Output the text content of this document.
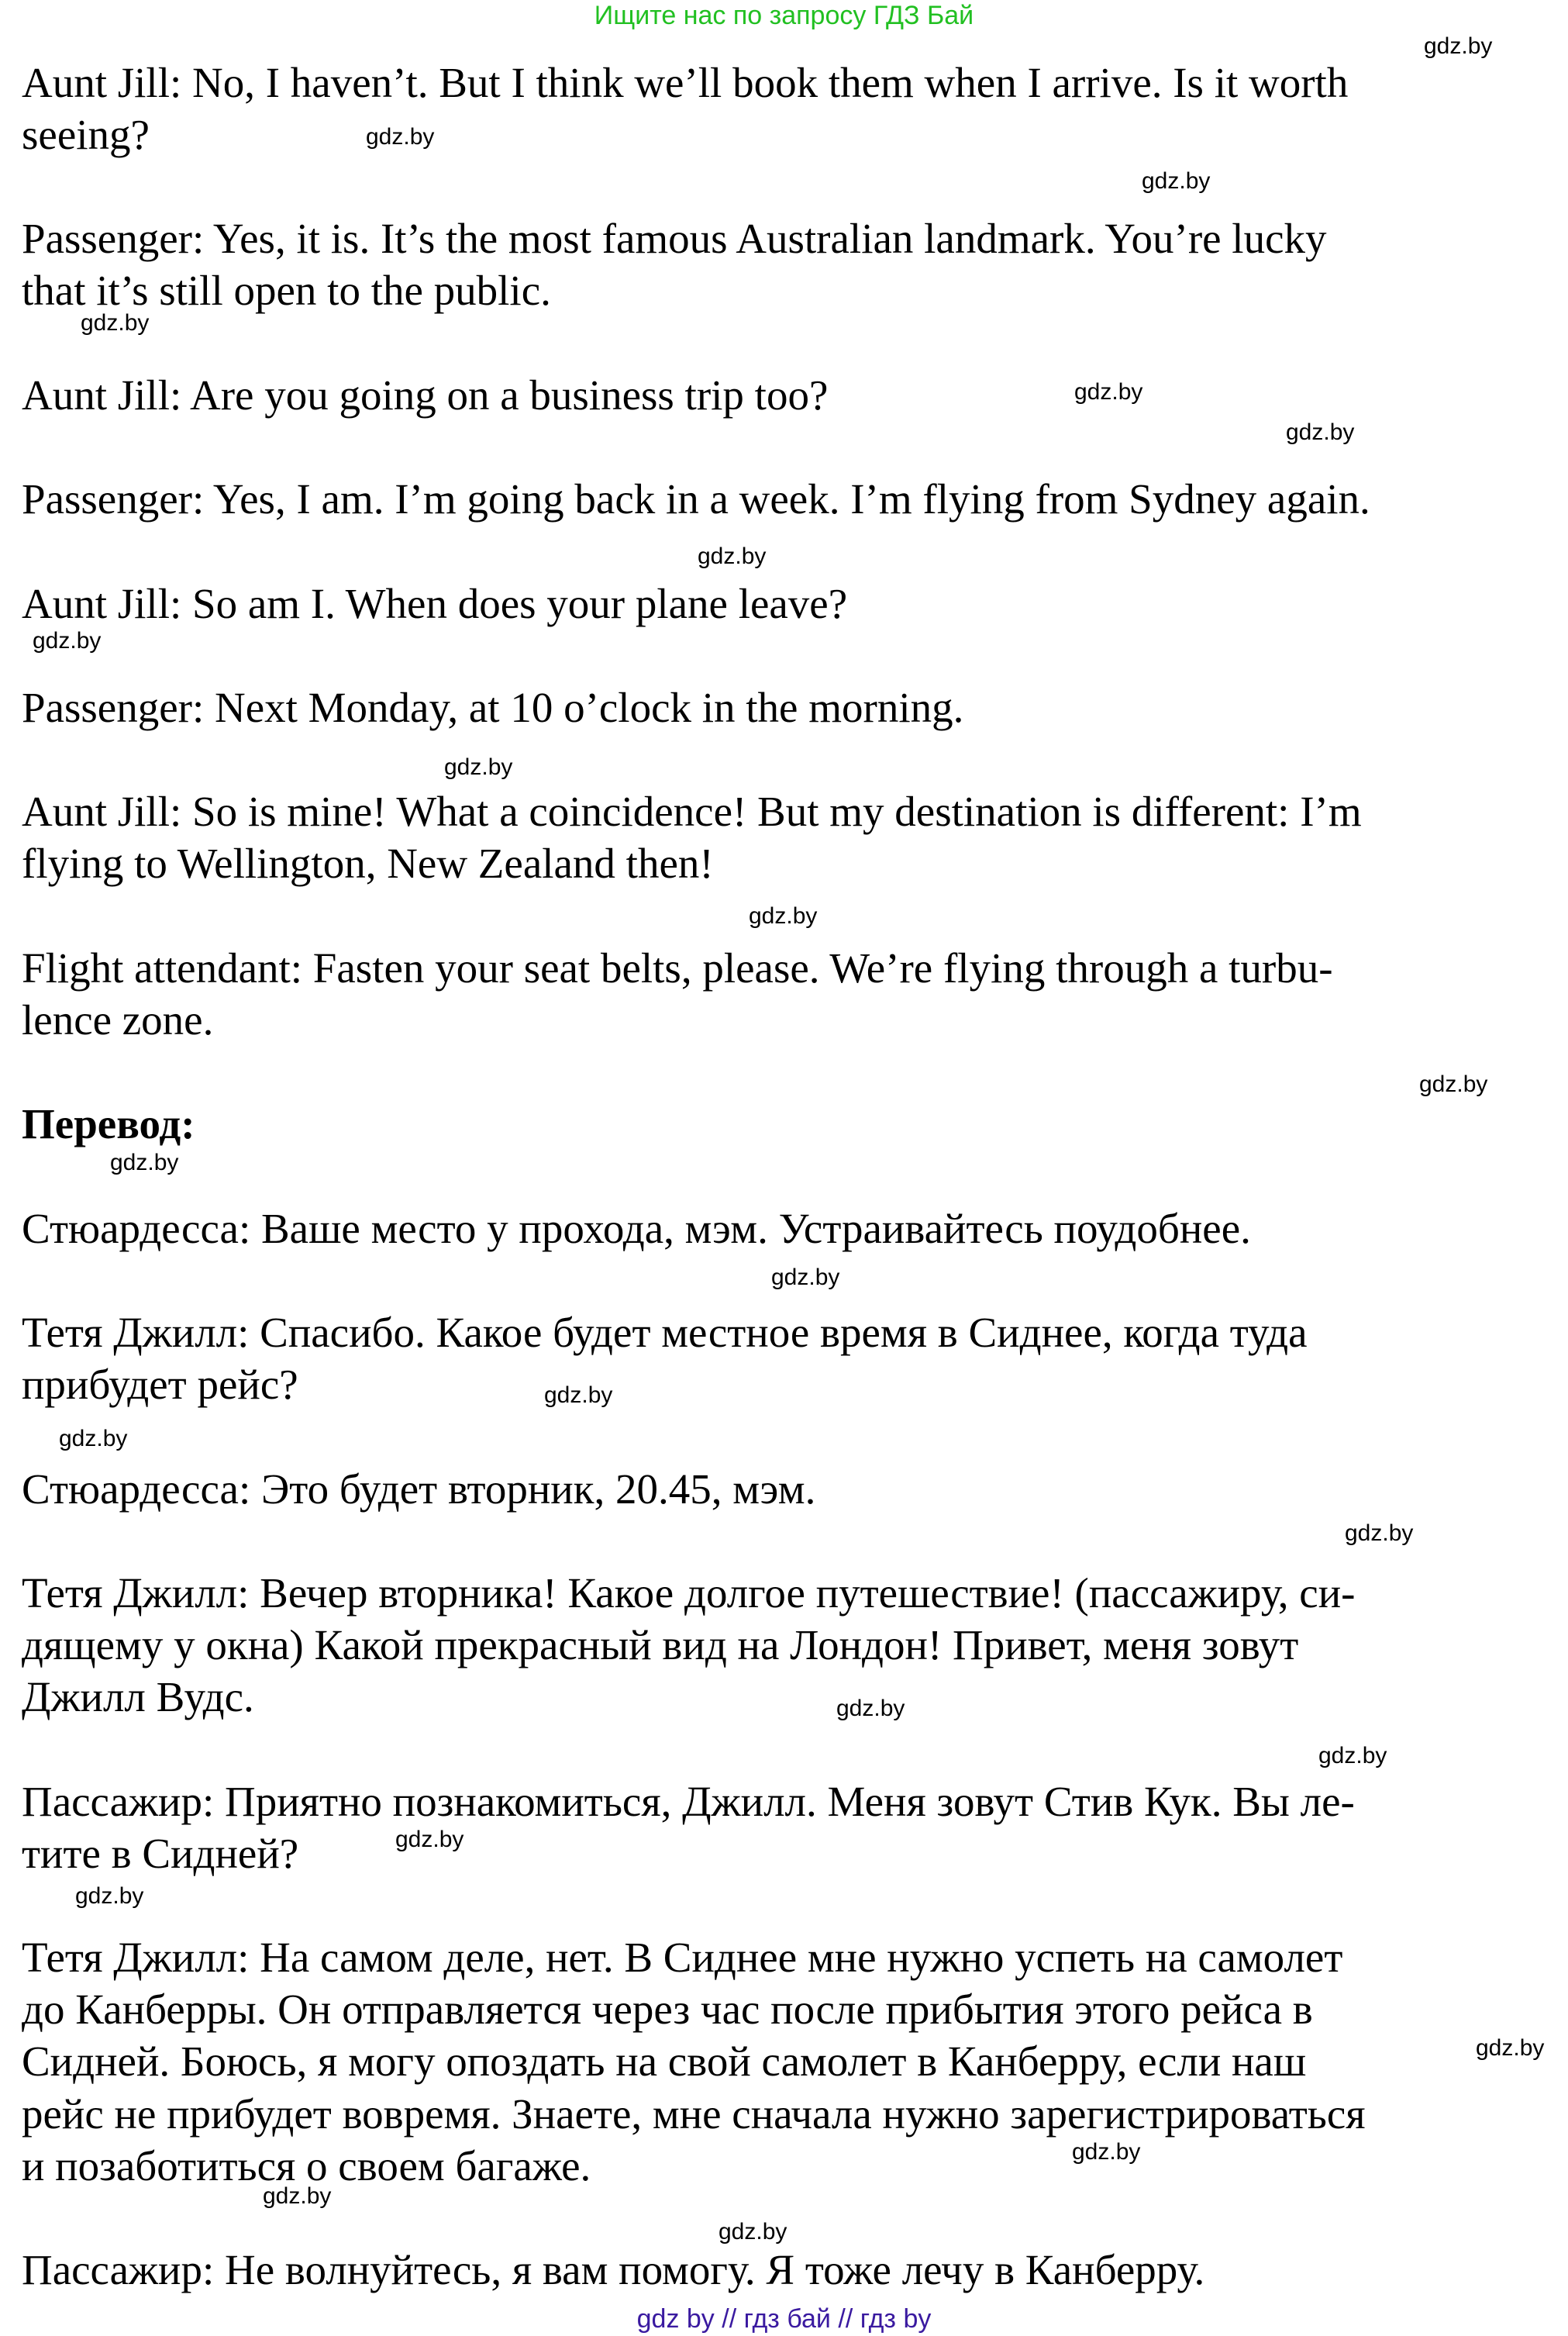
Ищите нас по запросу ГДЗ Бай
Aunt Jill: No, I haven’t. But I think we’ll book them when I arrive. Is it worth
seeing?
Passenger: Yes, it is. It’s the most famous Australian landmark. You’re lucky
that it’s still open to the public.
Aunt Jill: Are you going on a business trip too?
Passenger: Yes, I am. I’m going back in a week. I’m flying from Sydney again.
Aunt Jill: So am I. When does your plane leave?
Passenger: Next Monday, at 10 o’clock in the morning.
Aunt Jill: So is mine! What a coincidence! But my destination is different: I’m
flying to Wellington, New Zealand then!
Flight attendant: Fasten your seat belts, please. We’re flying through a turbu-
lence zone.
Перевод:
Стюардесса: Ваше место у прохода, мэм. Устраивайтесь поудобнее.
Тетя Джилл: Спасибо. Какое будет местное время в Сиднее, когда туда
прибудет рейс?
Стюардесса: Это будет вторник, 20.45, мэм.
Тетя Джилл: Вечер вторника! Какое долгое путешествие! (пассажиру, си-
дящему у окна) Какой прекрасный вид на Лондон! Привет, меня зовут
Джилл Вудс.
Пассажир: Приятно познакомиться, Джилл. Меня зовут Стив Кук. Вы ле-
тите в Сидней?
Тетя Джилл: На самом деле, нет. В Сиднее мне нужно успеть на самолет
до Канберры. Он отправляется через час после прибытия этого рейса в
Сидней. Боюсь, я могу опоздать на свой самолет в Канберру, если наш
рейс не прибудет вовремя. Знаете, мне сначала нужно зарегистрироваться
и позаботиться о своем багаже.
Пассажир: Не волнуйтесь, я вам помогу. Я тоже лечу в Канберру.
gdz.by
gdz.by
gdz.by
gdz.by
gdz.by
gdz.by
gdz.by
gdz.by
gdz.by
gdz.by
gdz.by
gdz.by
gdz.by
gdz.by
gdz.by
gdz.by
gdz.by
gdz.by
gdz.by
gdz.by
gdz.by
gdz.by
gdz.by
gdz.by
gdz by // гдз бай // гдз by
